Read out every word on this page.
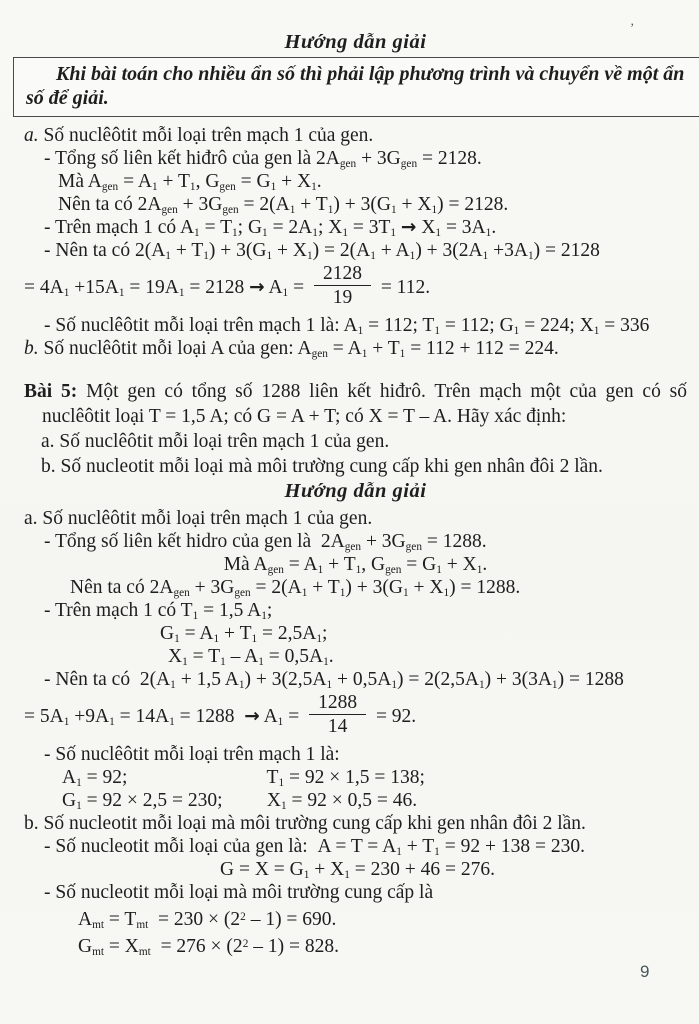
Hướng dẫn giải
Khi bài toán cho nhiều ẩn số thì phải lập phương trình và chuyển về một ẩn số để giải.
a. Số nuclêôtit mỗi loại trên mạch 1 của gen.
- Tổng số liên kết hiđrô của gen là $2A_{gen} + 3G_{gen} = 2128$.
Mà $A_{gen} = A_1 + T_1$, $G_{gen} = G_1 + X_1$.
Nên ta có $2A_{gen} + 3G_{gen} = 2(A_1 + T_1) + 3(G_1 + X_1) = 2128$.
- Trên mạch 1 có $A_1 = T_1$; $G_1 = 2A_1$; $X_1 = 3T_1 \to X_1 = 3A_1$.
- Nên ta có $2(A_1 + T_1) + 3(G_1 + X_1) = 2(A_1 + A_1) + 3(2A_1 +3A_1) = 2128$
= $4A_1 +15A_1 = 19A_1 = 2128 \to A_1 = \frac{2128}{19} = 112$.
- Số nuclêôtit mỗi loại trên mạch 1 là: $A_1 = 112$; $T_1 = 112$; $G_1 = 224$; $X_1 = 336$
b. Số nuclêôtit mỗi loại A của gen: $A_{gen} = A_1 + T_1 = 112 + 112 = 224$.
Bài 5: Một gen có tổng số 1288 liên kết hiđrô. Trên mạch một của gen có số nuclêôtit loại T = 1,5 A; có G = A + T; có X = T – A. Hãy xác định:
a. Số nuclêôtit mỗi loại trên mạch 1 của gen.
b. Số nucleotit mỗi loại mà môi trường cung cấp khi gen nhân đôi 2 lần.
Hướng dẫn giải
a. Số nuclêôtit mỗi loại trên mạch 1 của gen.
- Tổng số liên kết hidro của gen là  $2A_{gen} + 3G_{gen} = 1288$.
Mà $A_{gen} = A_1 + T_1$, $G_{gen} = G_1 + X_1$.
Nên ta có $2A_{gen} + 3G_{gen} = 2(A_1 + T_1) + 3(G_1 + X_1) = 1288$.
- Trên mạch 1 có $T_1 = 1,5$ $A_1$;
$G_1 = A_1 + T_1 = 2,5A_1$;
$X_1 = T_1 - A_1 = 0,5A_1$.
- Nên ta có  $2(A_1 + 1,5$ $A_1) + 3(2,5A_1 + 0,5A_1) = 2(2,5A_1) + 3(3A_1) = 1288$
= $5A_1 +9A_1 = 14A_1 = 1288 \to A_1 = \frac{1288}{14} = 92$.
- Số nuclêôtit mỗi loại trên mạch 1 là:
$A_1 = 92$;	$T_1 = 92 \times 1,5 = 138$;
$G_1 = 92 \times 2,5 = 230$; $X_1 = 92 \times 0,5 = 46$.
b. Số nucleotit mỗi loại mà môi trường cung cấp khi gen nhân đôi 2 lần.
- Số nucleotit mỗi loại của gen là:  $A = T = A_1 + T_1 = 92 + 138 = 230$.
$G = X = G_1 + X_1 = 230 + 46 = 276$.
- Số nucleotit mỗi loại mà môi trường cung cấp là
$A_{mt} = T_{mt} = 230 \times (2^2 - 1) = 690$.
$G_{mt} = X_{mt} = 276 \times (2^2 - 1) = 828$.
’
9
